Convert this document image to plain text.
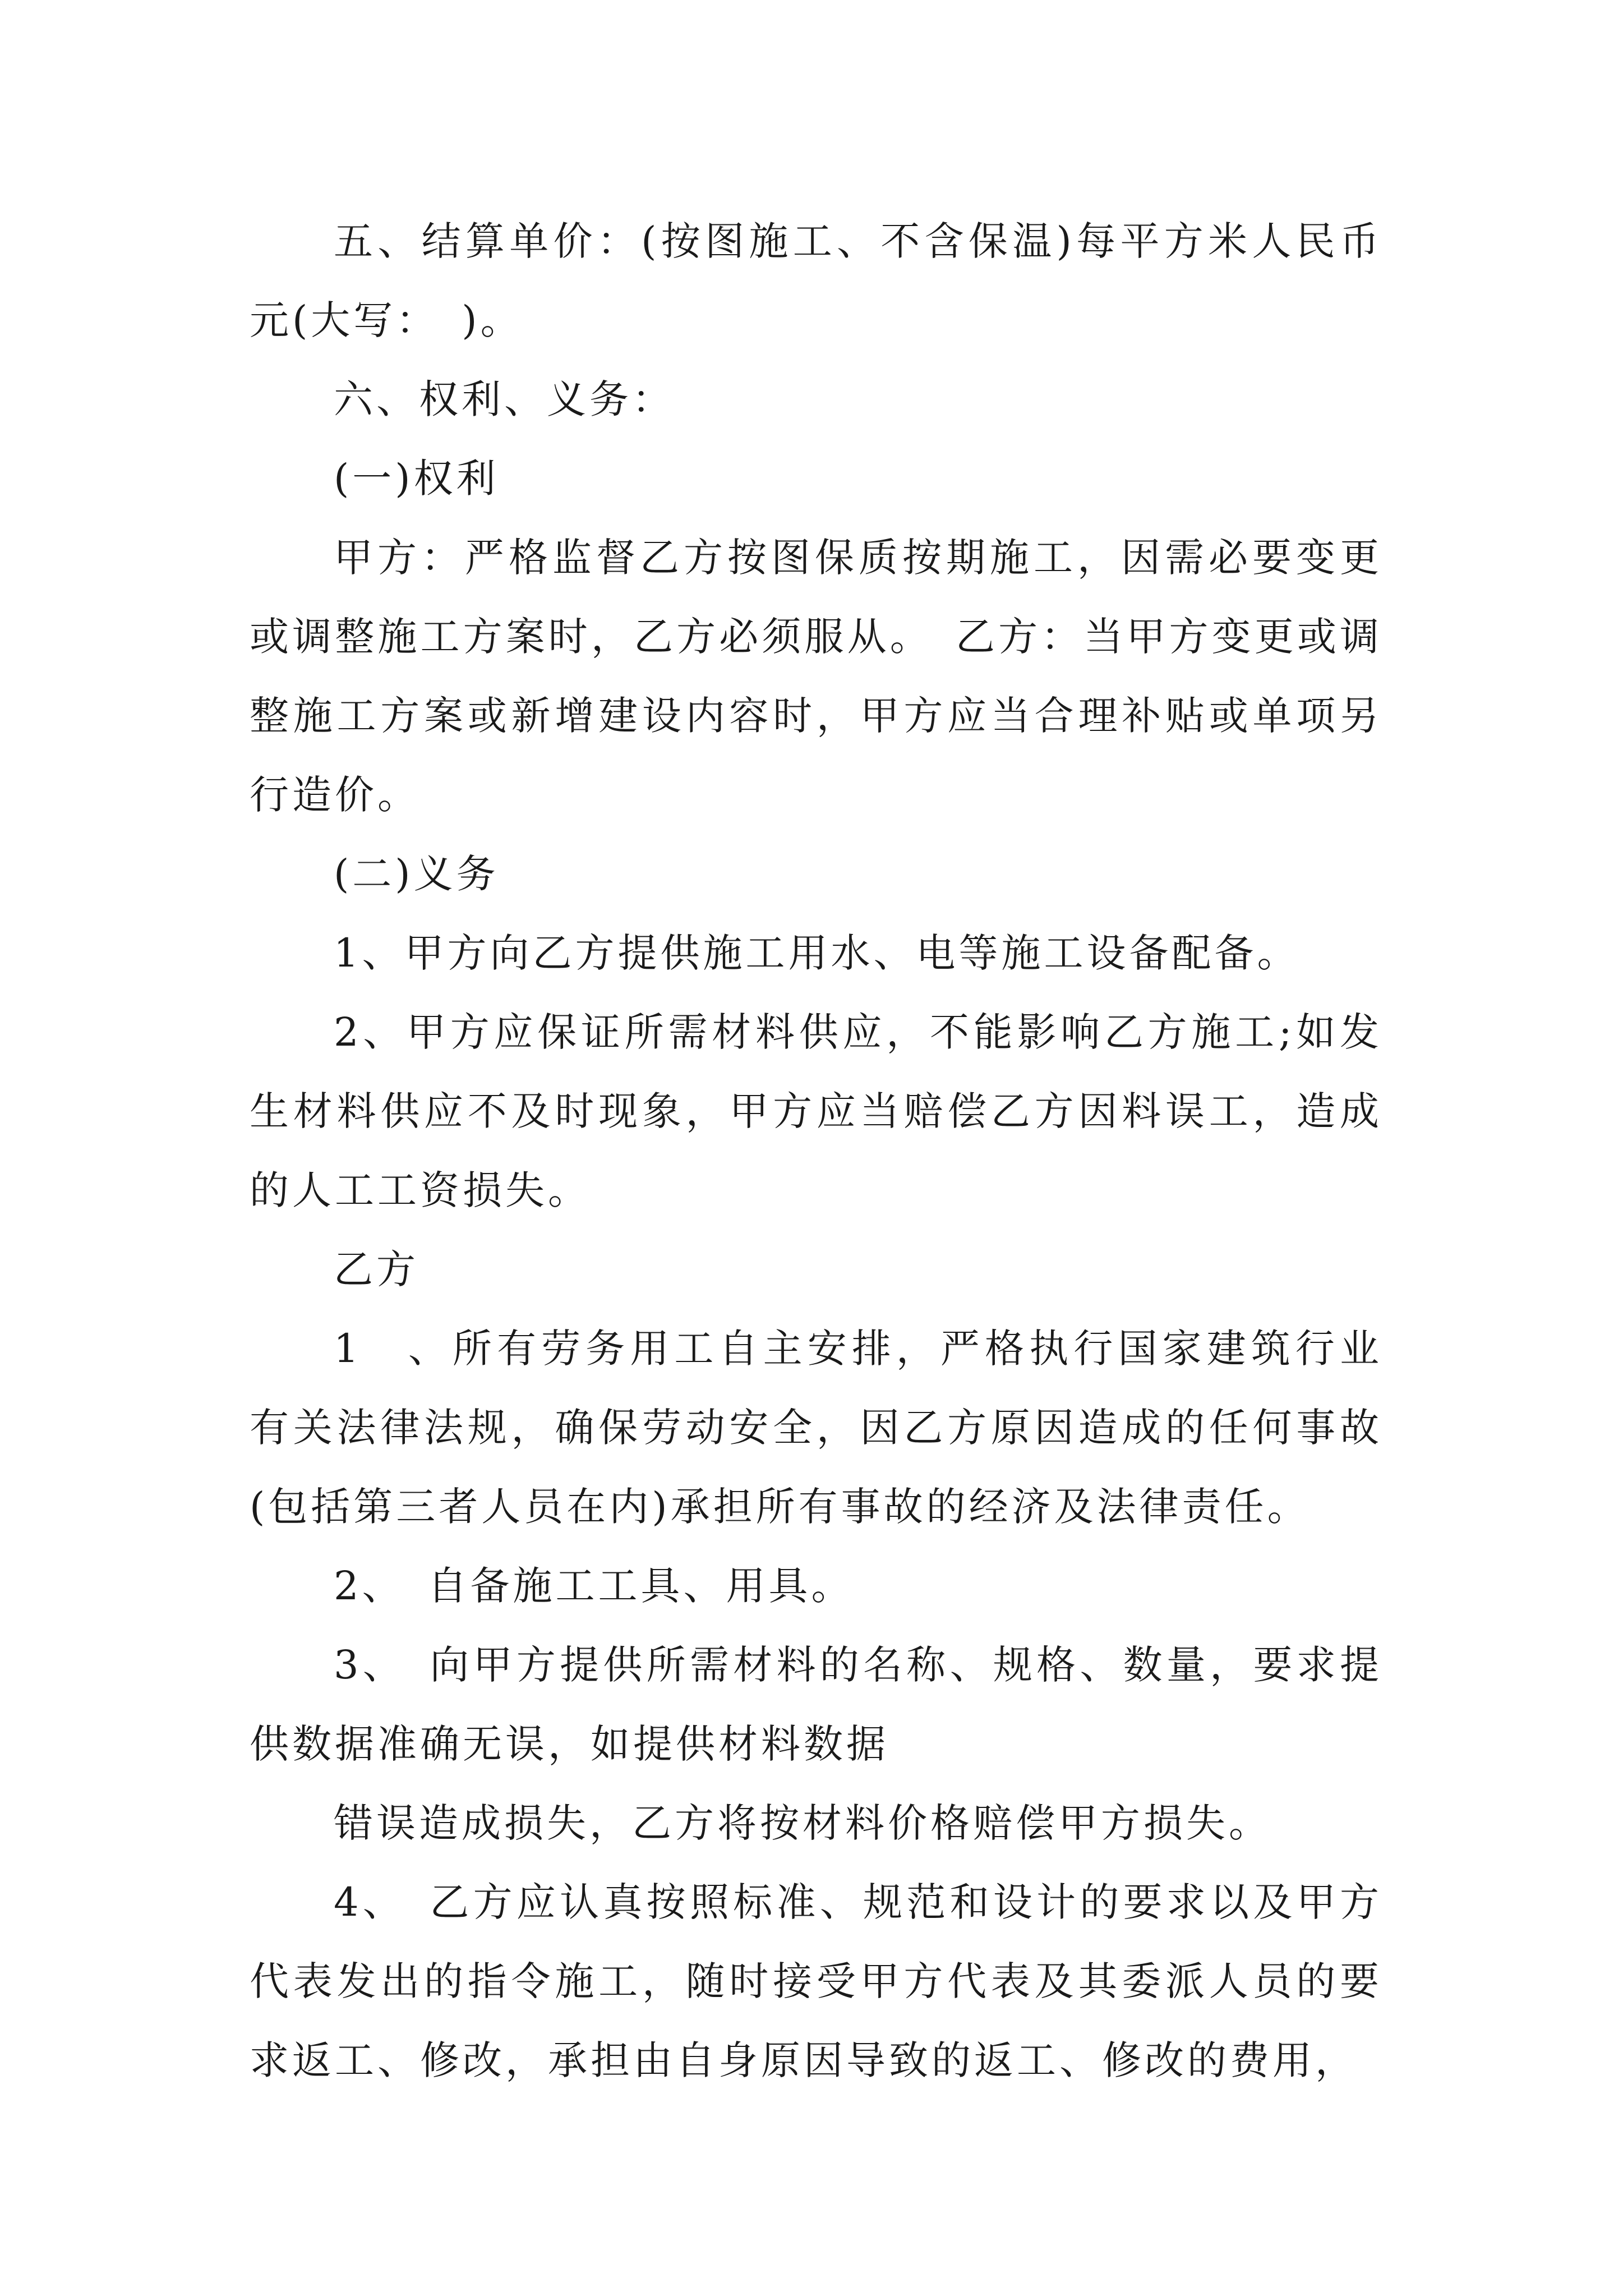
五、结算单价：(按图施工、不含保温)每平方米人民币元(大写：　)。

六、权利、义务：

(一)权利

甲方：严格监督乙方按图保质按期施工，因需必要变更或调整施工方案时，乙方必须服从。　乙方：当甲方变更或调整施工方案或新增建设内容时，甲方应当合理补贴或单项另行造价。

(二)义务

1、甲方向乙方提供施工用水、电等施工设备配备。

2、甲方应保证所需材料供应，不能影响乙方施工;如发生材料供应不及时现象，甲方应当赔偿乙方因料误工，造成的人工工资损失。

乙方

1　、所有劳务用工自主安排，严格执行国家建筑行业有关法律法规，确保劳动安全，因乙方原因造成的任何事故(包括第三者人员在内)承担所有事故的经济及法律责任。

2、　自备施工工具、用具。

3、　向甲方提供所需材料的名称、规格、数量，要求提供数据准确无误，如提供材料数据

错误造成损失，乙方将按材料价格赔偿甲方损失。

4、　乙方应认真按照标准、规范和设计的要求以及甲方代表发出的指令施工，随时接受甲方代表及其委派人员的要求返工、修改，承担由自身原因导致的返工、修改的费用，
